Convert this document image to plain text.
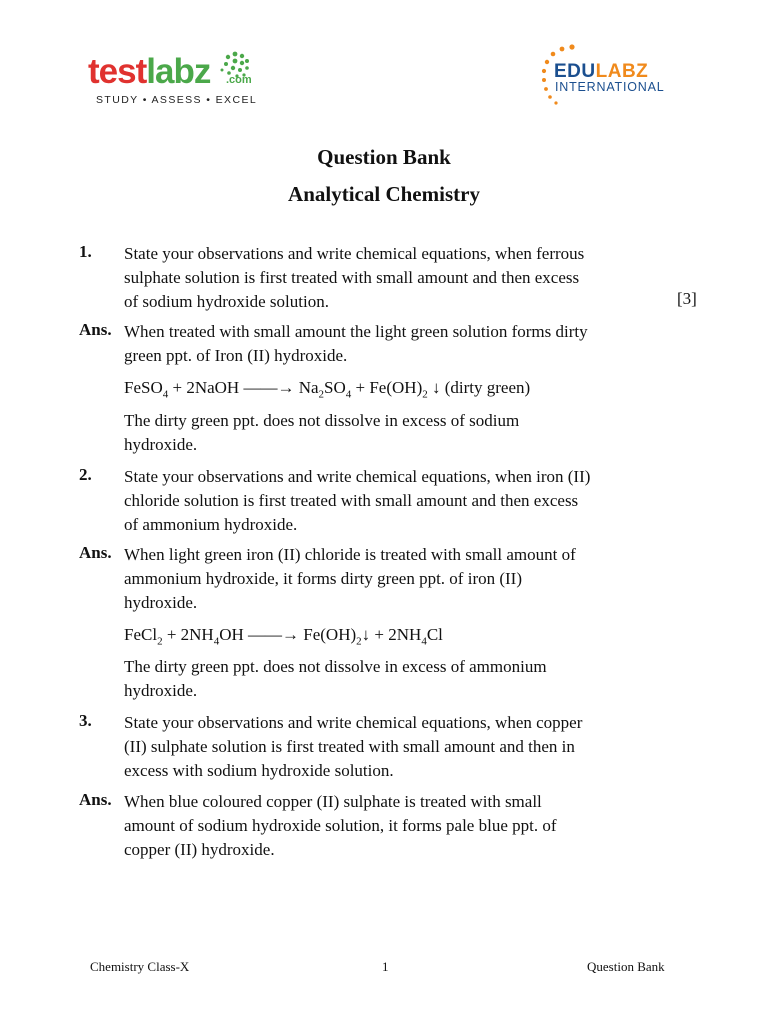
testlabz .com
STUDY • ASSESS • EXCEL
EDULABZ
INTERNATIONAL
Question Bank
Analytical Chemistry
1. State your observations and write chemical equations, when ferrous
sulphate solution is first treated with small amount and then excess
of sodium hydroxide solution.	[3]
Ans. When treated with small amount the light green solution forms dirty
green ppt. of Iron (II) hydroxide.
FeSO$_4$ + 2NaOH ——→ $Na_2SO_4 + Fe(OH)_2$ ↓ (dirty green)
The dirty green ppt. does not dissolve in excess of sodium
hydroxide.
2. State your observations and write chemical equations, when iron (II)
chloride solution is first treated with small amount and then excess
of ammonium hydroxide.
Ans. When light green iron (II) chloride is treated with small amount of
ammonium hydroxide, it forms dirty green ppt. of iron (II)
hydroxide.
FeCl$_2$ + $2NH_4OH$ ——→ $Fe(OH)_2↓ + 2NH_4Cl$
The dirty green ppt. does not dissolve in excess of ammonium
hydroxide.
3. State your observations and write chemical equations, when copper
(II) sulphate solution is first treated with small amount and then in
excess with sodium hydroxide solution.
Ans. When blue coloured copper (II) sulphate is treated with small
amount of sodium hydroxide solution, it forms pale blue ppt. of
copper (II) hydroxide.
Chemistry Class-X	1	Question Bank
